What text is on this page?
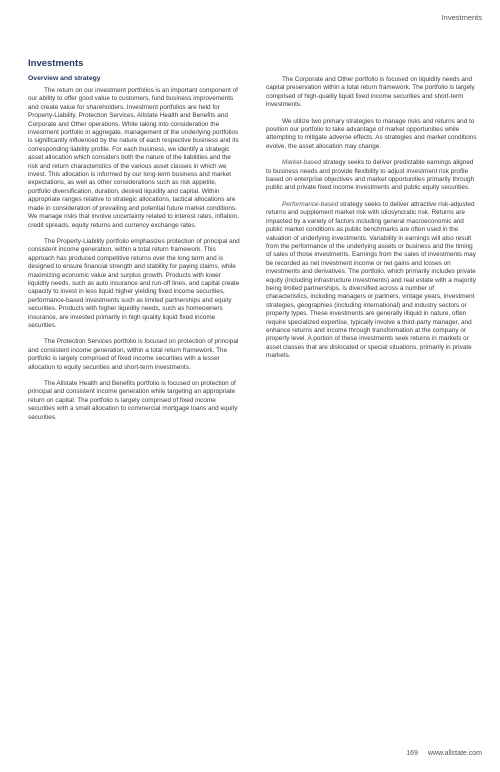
Investments
Investments
Overview and strategy

The return on our investment portfolios is an important component of our ability to offer good value to customers, fund business improvements and create value for shareholders. Investment portfolios are held for Property-Liability, Protection Services, Allstate Health and Benefits and Corporate and Other operations. While taking into consideration the investment portfolio in aggregate, management of the underlying portfolios is significantly influenced by the nature of each respective business and its corresponding liability profile. For each business, we identify a strategic asset allocation which considers both the nature of the liabilities and the risk and return characteristics of the various asset classes in which we invest. This allocation is informed by our long-term business and market expectations, as well as other considerations such as risk appetite, portfolio diversification, duration, desired liquidity and capital. Within appropriate ranges relative to strategic allocations, tactical allocations are made in consideration of prevailing and potential future market conditions. We manage risks that involve uncertainty related to interest rates, inflation, credit spreads, equity returns and currency exchange rates.

The Property-Liability portfolio emphasizes protection of principal and consistent income generation, within a total return framework. This approach has produced competitive returns over the long term and is designed to ensure financial strength and stability for paying claims, while maximizing economic value and surplus growth. Products with lower liquidity needs, such as auto insurance and run-off lines, and capital create capacity to invest in less liquid higher yielding fixed income securities, performance-based investments such as limited partnerships and equity securities. Products with higher liquidity needs, such as homeowners insurance, are invested primarily in high quality liquid fixed income securities.

The Protection Services portfolio is focused on protection of principal and consistent income generation, within a total return framework. The portfolio is largely comprised of fixed income securities with a lesser allocation to equity securities and short-term investments.

The Allstate Health and Benefits portfolio is focused on protection of principal and consistent income generation while targeting an appropriate return on capital. The portfolio is largely comprised of fixed income securities with a small allocation to commercial mortgage loans and equity securities.

The Corporate and Other portfolio is focused on liquidity needs and capital preservation within a total return framework. The portfolio is largely comprised of high-quality liquid fixed income securities and short-term investments.

We utilize two primary strategies to manage risks and returns and to position our portfolio to take advantage of market opportunities while attempting to mitigate adverse effects. As strategies and market conditions evolve, the asset allocation may change.

Market-based strategy seeks to deliver predictable earnings aligned to business needs and provide flexibility to adjust investment risk profile based on enterprise objectives and market opportunities primarily through public and private fixed income investments and public equity securities.

Performance-based strategy seeks to deliver attractive risk-adjusted returns and supplement market risk with idiosyncratic risk. Returns are impacted by a variety of factors including general macroeconomic and public market conditions as public benchmarks are often used in the valuation of underlying investments. Variability in earnings will also result from the performance of the underlying assets or business and the timing of sales of those investments. Earnings from the sales of investments may be recorded as net investment income or net gains and losses on investments and derivatives. The portfolio, which primarily includes private equity (including infrastructure investments) and real estate with a majority being limited partnerships, is diversified across a number of characteristics, including managers or partners, vintage years, investment strategies, geographies (including international) and industry sectors or property types. These investments are generally illiquid in nature, often require specialized expertise, typically involve a third-party manager, and enhance returns and income through transformation at the company or property level. A portion of these investments seek returns in markets or asset classes that are dislocated or special situations, primarily in private markets.

169 www.allstate.com
